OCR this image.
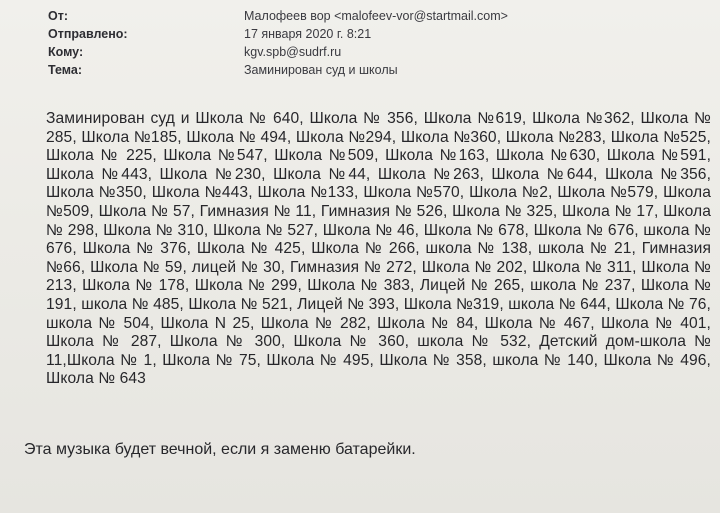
От:	Малофеев вор <malofeev-vor@startmail.com>
Отправлено:	17 января 2020 г. 8:21
Кому:	kgv.spb@sudrf.ru
Тема:	Заминирован суд и школы
Заминирован суд и Школа № 640, Школа № 356, Школа №619, Школа №362, Школа № 285, Школа №185, Школа № 494, Школа №294, Школа №360, Школа №283, Школа №525, Школа № 225, Школа №547, Школа №509, Школа №163, Школа №630, Школа №591, Школа №443, Школа №230, Школа №44, Школа №263, Школа №644, Школа №356, Школа №350, Школа №443, Школа №133, Школа №570, Школа №2, Школа №579, Школа №509, Школа № 57, Гимназия № 11, Гимназия № 526, Школа № 325, Школа № 17, Школа № 298, Школа № 310, Школа № 527, Школа № 46, Школа № 678, Школа № 676, школа № 676, Школа № 376, Школа № 425, Школа № 266, школа № 138, школа № 21, Гимназия №66, Школа № 59, лицей № 30, Гимназия № 272, Школа № 202, Школа № 311, Школа № 213, Школа № 178, Школа № 299, Школа № 383, Лицей № 265, школа № 237, Школа № 191, школа № 485, Школа № 521, Лицей № 393, Школа №319, школа № 644, Школа № 76, школа № 504, Школа N 25, Школа № 282, Школа № 84, Школа № 467, Школа № 401, Школа № 287, Школа № 300, Школа № 360, школа № 532, Детский дом-школа № 11,Школа № 1, Школа № 75, Школа № 495, Школа № 358, школа № 140, Школа № 496, Школа № 643
Эта музыка будет вечной, если я заменю батарейки.
